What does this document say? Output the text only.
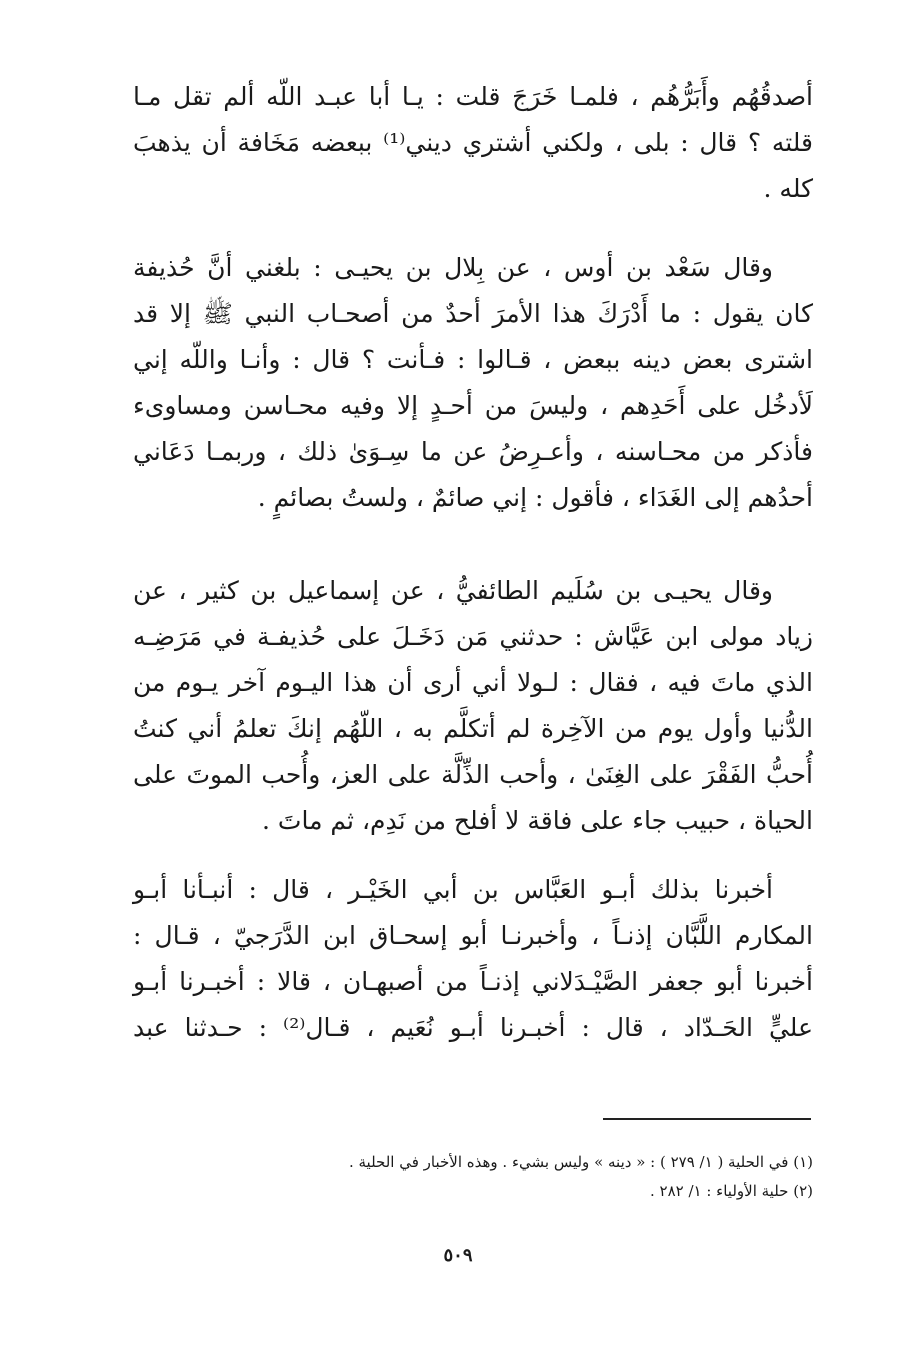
أصدقُهُم وأَبَرُّهُم ، فلمـا خَرَجَ قلت : يـا أبا عبـد اللّه ألم تقل مـا
قلته ؟ قال : بلى ، ولكني أشتري ديني⁽¹⁾ ببعضه مَخَافة أن يذهبَ
كله .
وقال سَعْد بن أوس ، عن بِلال بن يحيـى : بلغني أنَّ حُذيفة
كان يقول : ما أَدْرَكَ هذا الأمرَ أحدٌ من أصحـاب النبي ﷺ إلا قد
اشترى بعض دينه ببعض ، قـالوا : فـأنت ؟ قال : وأنـا واللّه إني
لَأدخُل على أَحَدِهم ، وليسَ من أحـدٍ إلا وفيه محـاسن ومساوىء
فأذكر من محـاسنه ، وأعـرِضُ عن ما سِـوَىٰ ذلك ، وربمـا دَعَاني
أحدُهم إلى الغَدَاء ، فأقول : إني صائمٌ ، ولستُ بصائمٍ .
وقال يحيـى بن سُلَيم الطائفيُّ ، عن إسماعيل بن كثير ، عن
زياد مولى ابن عَيَّاش : حدثني مَن دَخَـلَ على حُذيفـة في مَرَضِـه
الذي ماتَ فيه ، فقال : لـولا أني أرى أن هذا اليـوم آخر يـوم من
الدُّنيا وأول يوم من الآخِرة لم أتكلَّم به ، اللّهُم إنكَ تعلمُ أني كنتُ
أُحبُّ الفَقْرَ على الغِنَىٰ ، وأحب الذِّلَّة على العز، وأُحب الموتَ على
الحياة ، حبيب جاء على فاقة لا أفلح من نَدِم، ثم ماتَ .
أخبرنا بذلك أبـو العَبَّاس بن أبي الخَيْـر ، قال : أنبـأنا أبـو
المكارم اللَّبَّان إذنـاً ، وأخبرنـا أبو إسحـاق ابن الدَّرَجيّ ، قـال :
أخبرنا أبو جعفر الصَّيْـدَلاني إذنـاً من أصبهـان ، قالا : أخبـرنا أبـو
عليٍّ الحَـدّاد ، قال : أخبـرنا أبـو نُعَيم ، قـال⁽²⁾ : حـدثنا عبد
(١) في الحلية ( ١/ ٢٧٩ ) : « دينه » وليس بشيء . وهذه الأخبار في الحلية .
(٢) حلية الأولياء : ١/ ٢٨٢ .
٥٠٩
